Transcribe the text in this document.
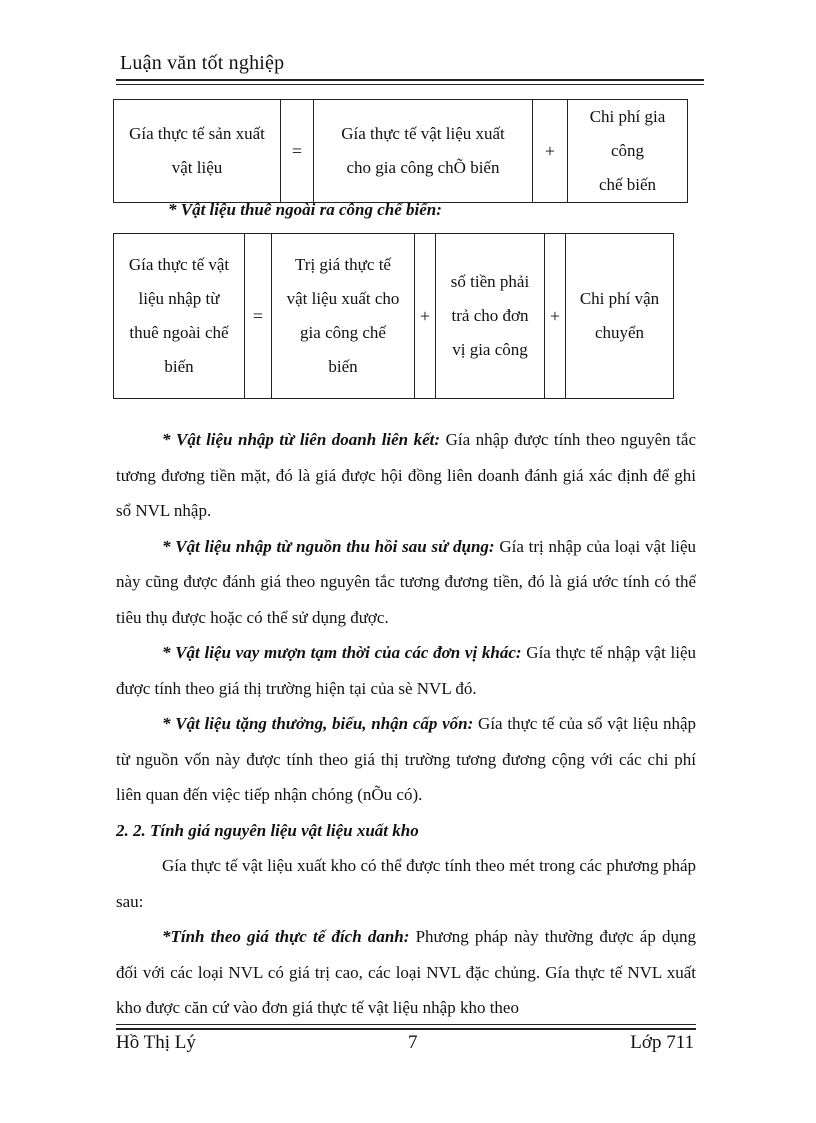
Luận văn tốt nghiệp
Gía thực tế sản xuất
vật liệu
	=	
Gía thực tế vật liệu xuất
cho gia công chÕ biến
	+	
Chi phí gia công
chế biến
* Vật liệu thuê ngoài ra công chế biến:
Gía thực tế vật
liệu nhập từ
thuê ngoài chế
biến
	=	
Trị giá thực tế
vật liệu xuất cho
gia công chế
biến
	+	
số tiền phải
trả cho đơn
vị gia công
	+	
Chi phí vận
chuyển

* Vật liệu nhập từ liên doanh liên kết: Gía nhập được tính theo nguyên tắc tương đương tiền mặt, đó là giá được hội đồng liên doanh đánh giá xác định để ghi sổ NVL nhập.

* Vật liệu nhập từ nguồn thu hồi sau sử dụng: Gía trị nhập của loại vật liệu này cũng được đánh giá theo nguyên tắc tương đương tiền, đó là giá ước tính có thể tiêu thụ được hoặc có thể sử dụng được.

* Vật liệu vay mượn tạm thời của các đơn vị khác: Gía thực tế nhập vật liệu được tính theo giá thị trường hiện tại của sè NVL đó.

* Vật liệu tặng thưởng, biếu, nhận cấp vốn: Gía thực tế của số vật liệu nhập từ nguồn vốn này được tính theo giá thị trường tương đương cộng với các chi phí liên quan đến việc tiếp nhận chóng (nÕu có).

2. 2. Tính giá nguyên liệu vật liệu xuất kho

Gía thực tế vật liệu xuất kho có thể được tính theo mét trong các phương pháp sau:

*Tính theo giá thực tế đích danh: Phương pháp này thường được áp dụng đối với các loại NVL có giá trị cao, các loại NVL đặc chủng. Gía thực tế NVL xuất kho được căn cứ vào đơn giá thực tế vật liệu nhập kho theo

Hồ Thị Lý	7	Lớp 711
